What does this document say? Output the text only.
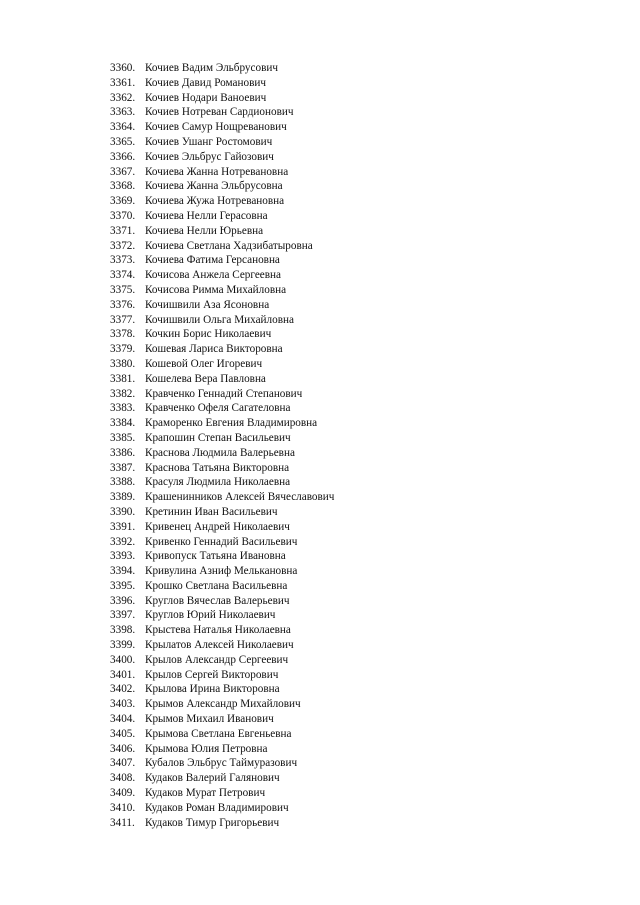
3360. Кочиев Вадим Эльбрусович
3361. Кочиев Давид Романович
3362. Кочиев Нодари Ваноевич
3363. Кочиев Нотреван Сардионович
3364. Кочиев Самур Нощреванович
3365. Кочиев Ушанг Ростомович
3366. Кочиев Эльбрус Гайозович
3367. Кочиева Жанна Нотревановна
3368. Кочиева Жанна Эльбрусовна
3369. Кочиева Жужа Нотревановна
3370. Кочиева Нелли Герасовна
3371. Кочиева Нелли Юрьевна
3372. Кочиева Светлана Хадзибатыровна
3373. Кочиева Фатима Герсановна
3374. Кочисова Анжела Сергеевна
3375. Кочисова Римма Михайловна
3376. Кочишвили Аза Ясоновна
3377. Кочишвили Ольга Михайловна
3378. Кочкин Борис Николаевич
3379. Кошевая Лариса Викторовна
3380. Кошевой Олег Игоревич
3381. Кошелева Вера Павловна
3382. Кравченко Геннадий Степанович
3383. Кравченко Офеля Сагателовна
3384. Краморенко Евгения Владимировна
3385. Крапошин Степан Васильевич
3386. Краснова Людмила Валерьевна
3387. Краснова Татьяна Викторовна
3388. Красуля Людмила Николаевна
3389. Крашенинников Алексей Вячеславович
3390. Кретинин Иван Васильевич
3391. Кривенец Андрей Николаевич
3392. Кривенко Геннадий Васильевич
3393. Кривопуск Татьяна Ивановна
3394. Кривулина Азниф Мелькановна
3395. Крошко Светлана Васильевна
3396. Круглов Вячеслав Валерьевич
3397. Круглов Юрий Николаевич
3398. Крыстева Наталья Николаевна
3399. Крылатов Алексей Николаевич
3400. Крылов Александр Сергеевич
3401. Крылов Сергей Викторович
3402. Крылова Ирина Викторовна
3403. Крымов Александр Михайлович
3404. Крымов Михаил Иванович
3405. Крымова Светлана Евгеньевна
3406. Крымова Юлия Петровна
3407. Кубалов Эльбрус Таймуразович
3408. Кудаков Валерий Галянович
3409. Кудаков Мурат Петрович
3410. Кудаков Роман Владимирович
3411. Кудаков Тимур Григорьевич
